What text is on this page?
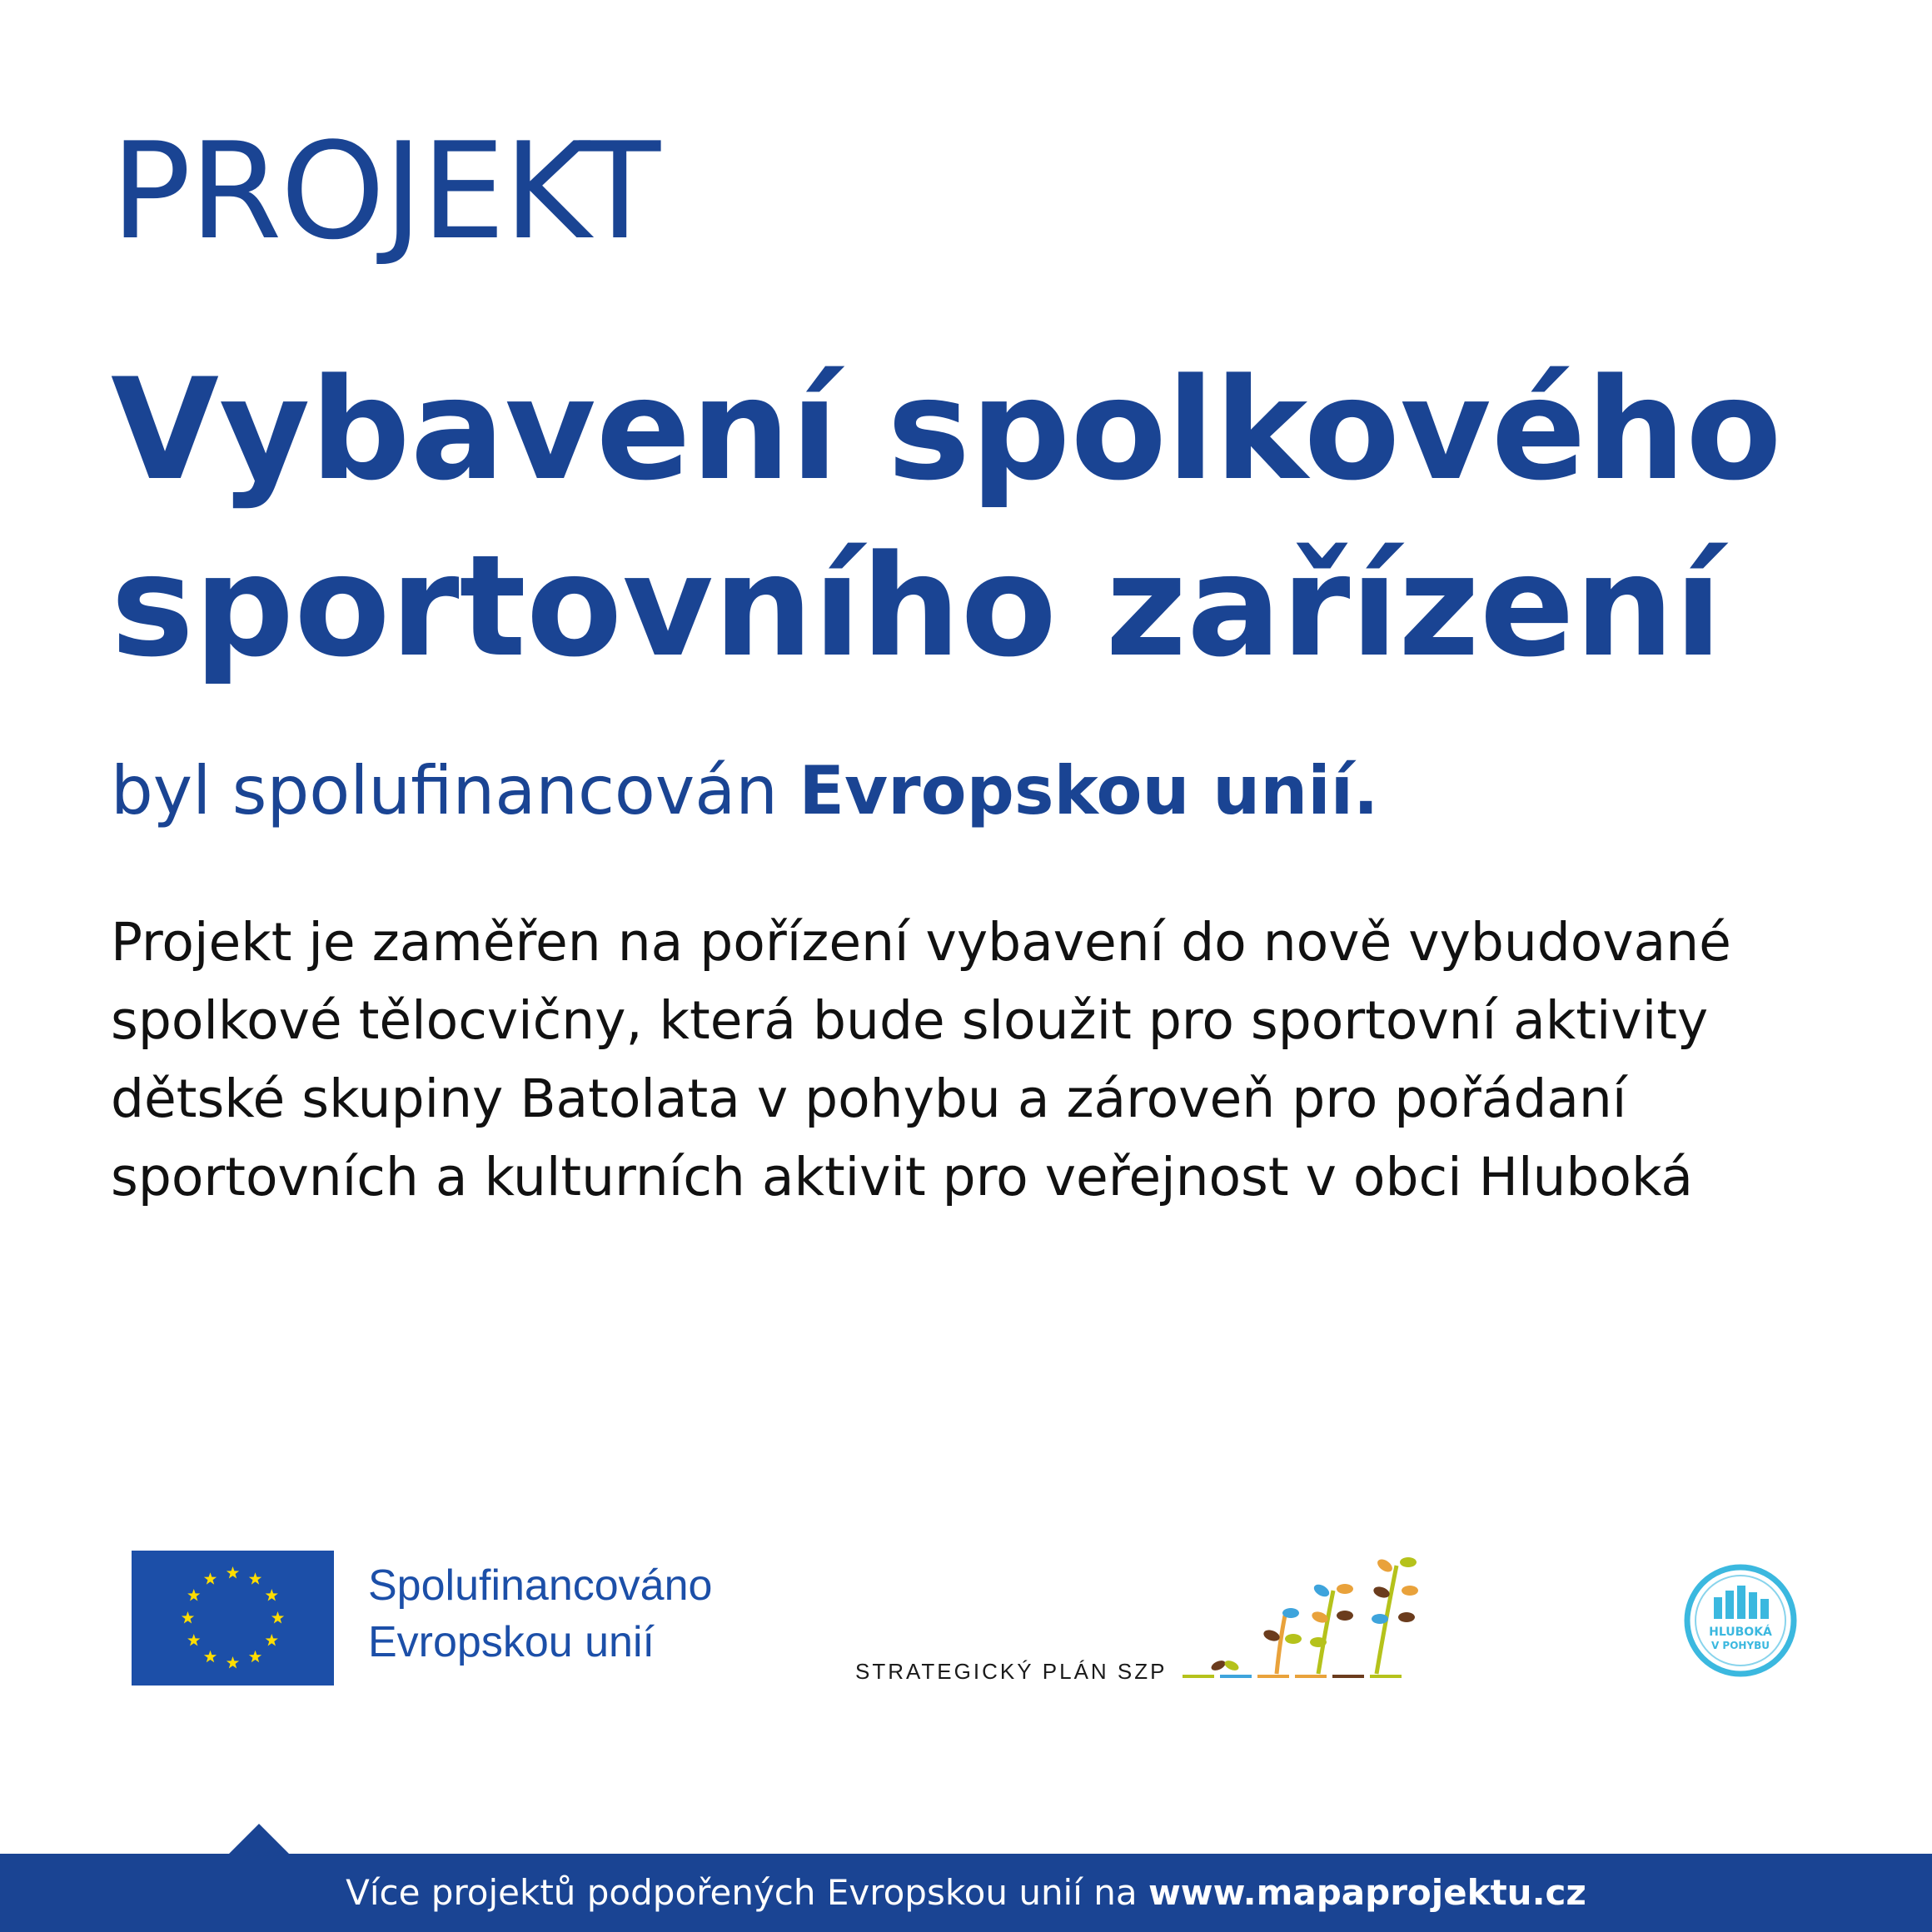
PROJEKT
Vybavení spolkového
sportovního zařízení
byl spolufinancován Evropskou unií.
Projekt je zaměřen na pořízení vybavení do nově vybudované
spolkové tělocvičny, která bude sloužit pro sportovní aktivity
dětské skupiny Batolata v pohybu a zároveň pro pořádaní
sportovních a kulturních aktivit pro veřejnost v obci Hluboká
Spolufinancováno
Evropskou unií
STRATEGICKÝ PLÁN SZP
HLUBOKÁ
V POHYBU
Více projektů podpořených Evropskou unií na www.mapaprojektu.cz
